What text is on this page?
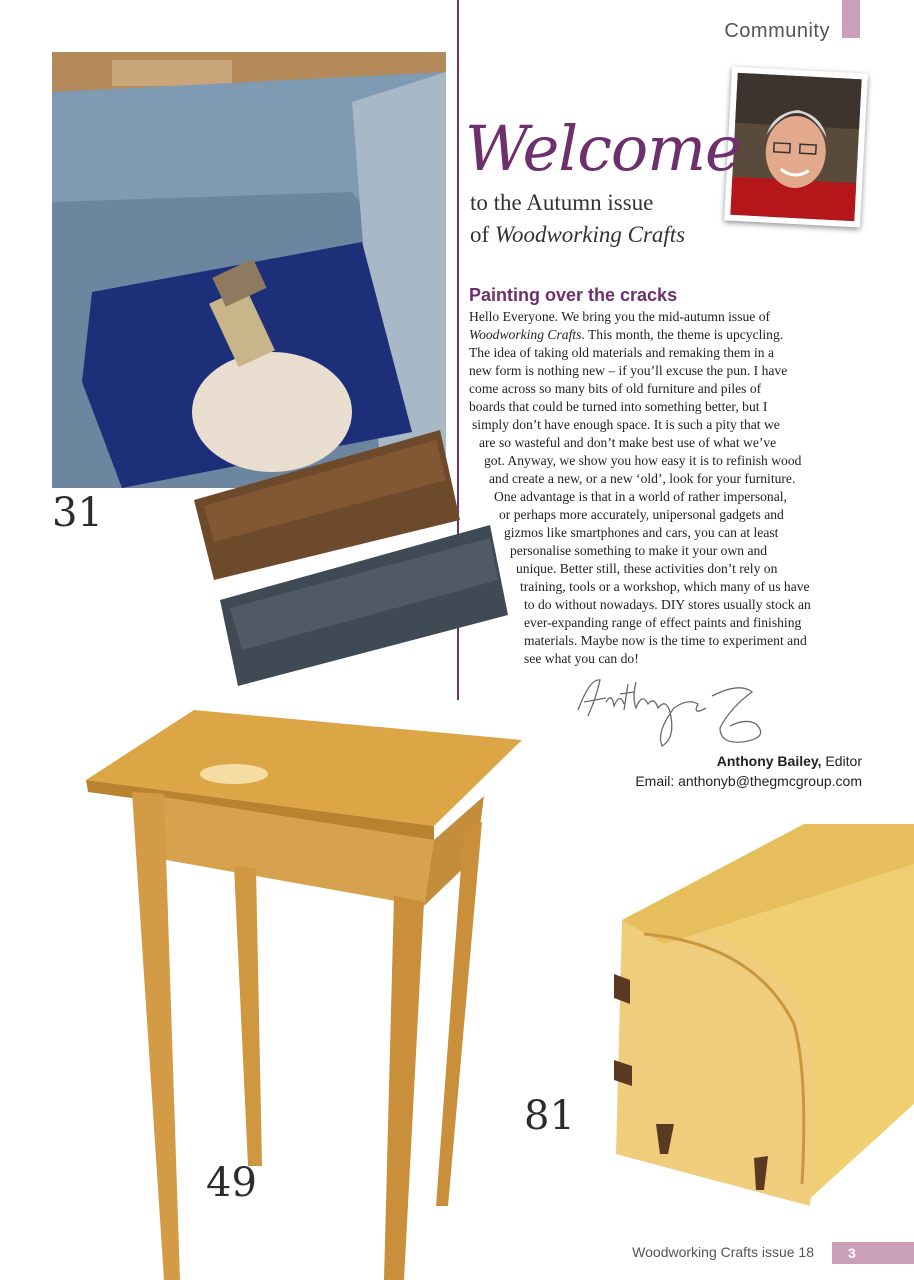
Community
31
Welcome
to the Autumn issue
of Woodworking Crafts
Painting over the cracks
Hello Everyone. We bring you the mid-autumn issue of
Woodworking Crafts. This month, the theme is upcycling.
The idea of taking old materials and remaking them in a
new form is nothing new – if you’ll excuse the pun. I have
come across so many bits of old furniture and piles of
boards that could be turned into something better, but I
simply don’t have enough space. It is such a pity that we
are so wasteful and don’t make best use of what we’ve
got. Anyway, we show you how easy it is to refinish wood
and create a new, or a new ‘old’, look for your furniture.
One advantage is that in a world of rather impersonal,
or perhaps more accurately, unipersonal gadgets and
gizmos like smartphones and cars, you can at least
personalise something to make it your own and
unique. Better still, these activities don’t rely on
training, tools or a workshop, which many of us have
to do without nowadays. DIY stores usually stock an
ever-expanding range of effect paints and finishing
materials. Maybe now is the time to experiment and
see what you can do!
Anthony Bailey, Editor
Email: anthonyb@thegmcgroup.com
81
49
Woodworking Crafts issue 18	3
